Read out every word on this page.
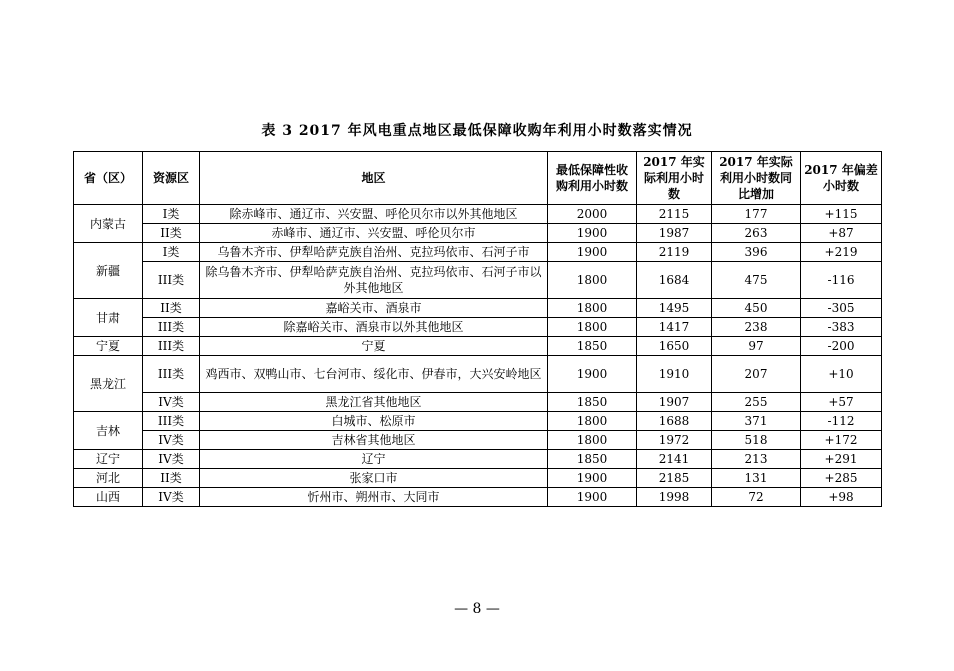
表 3 2017 年风电重点地区最低保障收购年利用小时数落实情况
省（区）	资源区	地区	最低保障性收购利用小时数	2017 年实际利用小时数	2017 年实际利用小时数同比增加	2017 年偏差小时数
内蒙古	I类	除赤峰市、通辽市、兴安盟、呼伦贝尔市以外其他地区	2000	2115	177	+115
	II类	赤峰市、通辽市、兴安盟、呼伦贝尔市	1900	1987	263	+87
新疆	I类	乌鲁木齐市、伊犁哈萨克族自治州、克拉玛依市、石河子市	1900	2119	396	+219
	III类	除乌鲁木齐市、伊犁哈萨克族自治州、克拉玛依市、石河子市以外其他地区	1800	1684	475	-116
甘肃	II类	嘉峪关市、酒泉市	1800	1495	450	-305
	III类	除嘉峪关市、酒泉市以外其他地区	1800	1417	238	-383
宁夏	III类	宁夏	1850	1650	97	-200
黑龙江	III类	鸡西市、双鸭山市、七台河市、绥化市、伊春市，大兴安岭地区	1900	1910	207	+10
	IV类	黑龙江省其他地区	1850	1907	255	+57
吉林	III类	白城市、松原市	1800	1688	371	-112
	IV类	吉林省其他地区	1800	1972	518	+172
辽宁	IV类	辽宁	1850	2141	213	+291
河北	II类	张家口市	1900	2185	131	+285
山西	IV类	忻州市、朔州市、大同市	1900	1998	72	+98
— 8 —
